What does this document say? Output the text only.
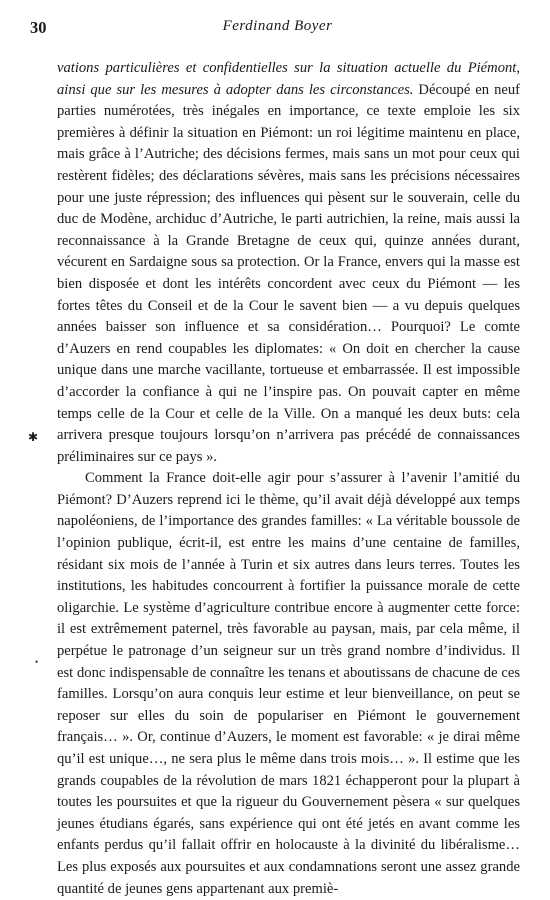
30	Ferdinand Boyer

vations particulières et confidentielles sur la situation actuelle du Piémont, ainsi que sur les mesures à adopter dans les circonstances. Découpé en neuf parties numérotées, très inégales en importance, ce texte emploie les six premières à définir la situation en Piémont: un roi légitime maintenu en place, mais grâce à l’Autriche; des décisions fermes, mais sans un mot pour ceux qui restèrent fidèles; des déclarations sévères, mais sans les précisions nécessaires pour une juste répression; des influences qui pèsent sur le souverain, celle du duc de Modène, archiduc d’Autriche, le parti autrichien, la reine, mais aussi la reconnaissance à la Grande Bretagne de ceux qui, quinze années durant, vécurent en Sardaigne sous sa protection. Or la France, envers qui la masse est bien disposée et dont les intérêts concordent avec ceux du Piémont — les fortes têtes du Conseil et de la Cour le savent bien — a vu depuis quelques années baisser son influence et sa considération… Pourquoi? Le comte d’Auzers en rend coupables les diplomates: « On doit en chercher la cause unique dans une marche vacillante, tortueuse et embarrassée. Il est impossible d’accorder la confiance à qui ne l’inspire pas. On pouvait capter en même temps celle de la Cour et celle de la Ville. On a manqué les deux buts: cela arrivera presque toujours lorsqu’on n’arrivera pas précédé de connaissances préliminaires sur ce pays ».

Comment la France doit-elle agir pour s’assurer à l’avenir l’amitié du Piémont? D’Auzers reprend ici le thème, qu’il avait déjà développé aux temps napoléoniens, de l’importance des grandes familles: « La véritable boussole de l’opinion publique, écrit-il, est entre les mains d’une centaine de familles, résidant six mois de l’année à Turin et six autres dans leurs terres. Toutes les institutions, les habitudes concourrent à fortifier la puissance morale de cette oligarchie. Le système d’agriculture contribue encore à augmenter cette force: il est extrêmement paternel, très favorable au paysan, mais, par cela même, il perpétue le patronage d’un seigneur sur un très grand nombre d’individus. Il est donc indispensable de connaître les tenans et aboutissans de chacune de ces familles. Lorsqu’on aura conquis leur estime et leur bienveillance, on peut se reposer sur elles du soin de populariser en Piémont le gouvernement français… ». Or, continue d’Auzers, le moment est favorable: « je dirai même qu’il est unique…, ne sera plus le même dans trois mois… ». Il estime que les grands coupables de la révolution de mars 1821 échapperont pour la plupart à toutes les poursuites et que la rigueur du Gouvernement pèsera « sur quelques jeunes étudians égarés, sans expérience qui ont été jetés en avant comme les enfants perdus qu’il fallait offrir en holocauste à la divinité du libéralisme… Les plus exposés aux poursuites et aux condamnations seront une assez grande quantité de jeunes gens appartenant aux premiè-

✱
•
